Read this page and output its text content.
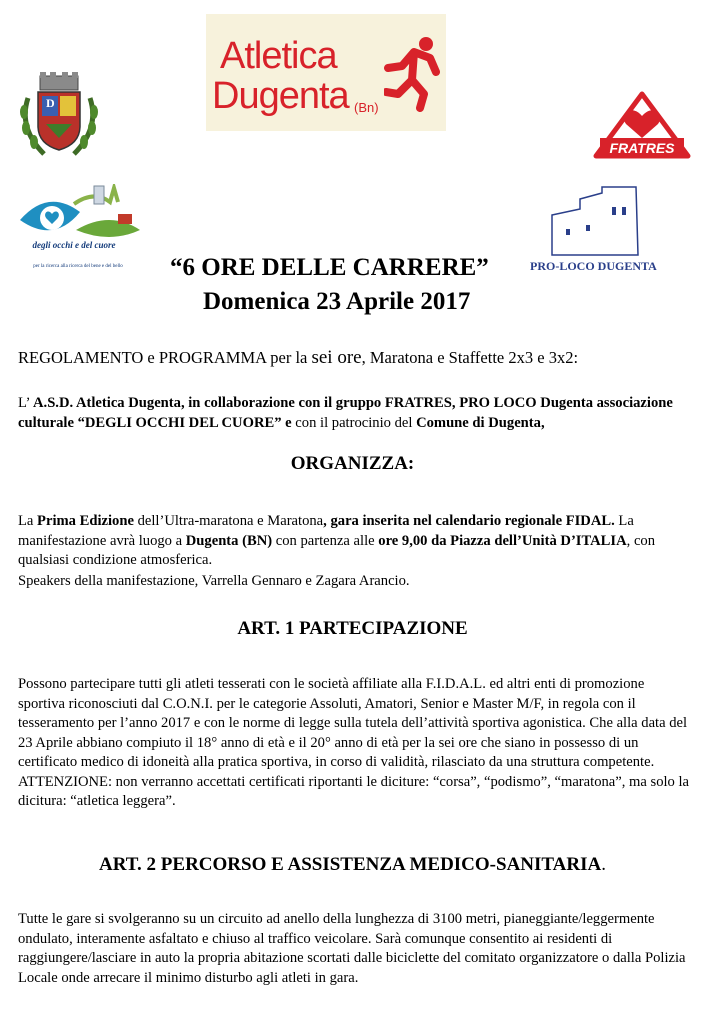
D
Atletica
Dugenta (Bn)
FRATRES
degli occhi e del cuore
per la ricerca alla ricerca del bene e del bello	PRO-LOCO DUGENTA
“6 ORE DELLE CARRERE”
Domenica 23 Aprile 2017
REGOLAMENTO e PROGRAMMA per la sei ore, Maratona e Staffette 2x3 e 3x2:
L’ A.S.D. Atletica Dugenta, in collaborazione con il gruppo FRATRES, PRO LOCO Dugenta associazione culturale “DEGLI OCCHI DEL CUORE” e con il patrocinio del Comune di Dugenta,
ORGANIZZA:
La Prima Edizione dell’Ultra-maratona e Maratona, gara inserita nel calendario regionale FIDAL. La manifestazione avrà luogo a Dugenta (BN) con partenza alle ore 9,00 da Piazza dell’Unità D’ITALIA, con qualsiasi condizione atmosferica.
Speakers della manifestazione, Varrella Gennaro e Zagara Arancio.
ART. 1 PARTECIPAZIONE
Possono partecipare tutti gli atleti tesserati con le società affiliate alla F.I.D.A.L. ed altri enti di promozione sportiva riconosciuti dal C.O.N.I. per le categorie Assoluti, Amatori, Senior e Master M/F, in regola con il tesseramento per l’anno 2017 e con le norme di legge sulla tutela dell’attività sportiva agonistica. Che alla data del 23 Aprile abbiano compiuto il 18° anno di età e il 20° anno di età per la sei ore che siano in possesso di un certificato medico di idoneità alla pratica sportiva, in corso di validità, rilasciato da una struttura competente. ATTENZIONE: non verranno accettati certificati riportanti le diciture: “corsa”, “podismo”, “maratona”, ma solo la dicitura: “atletica leggera”.
ART. 2 PERCORSO E ASSISTENZA MEDICO-SANITARIA.
Tutte le gare si svolgeranno su un circuito ad anello della lunghezza di 3100 metri, pianeggiante/leggermente ondulato, interamente asfaltato e chiuso al traffico veicolare. Sarà comunque consentito ai residenti di raggiungere/lasciare in auto la propria abitazione scortati dalle biciclette del comitato organizzatore o dalla Polizia Locale onde arrecare il minimo disturbo agli atleti in gara.
